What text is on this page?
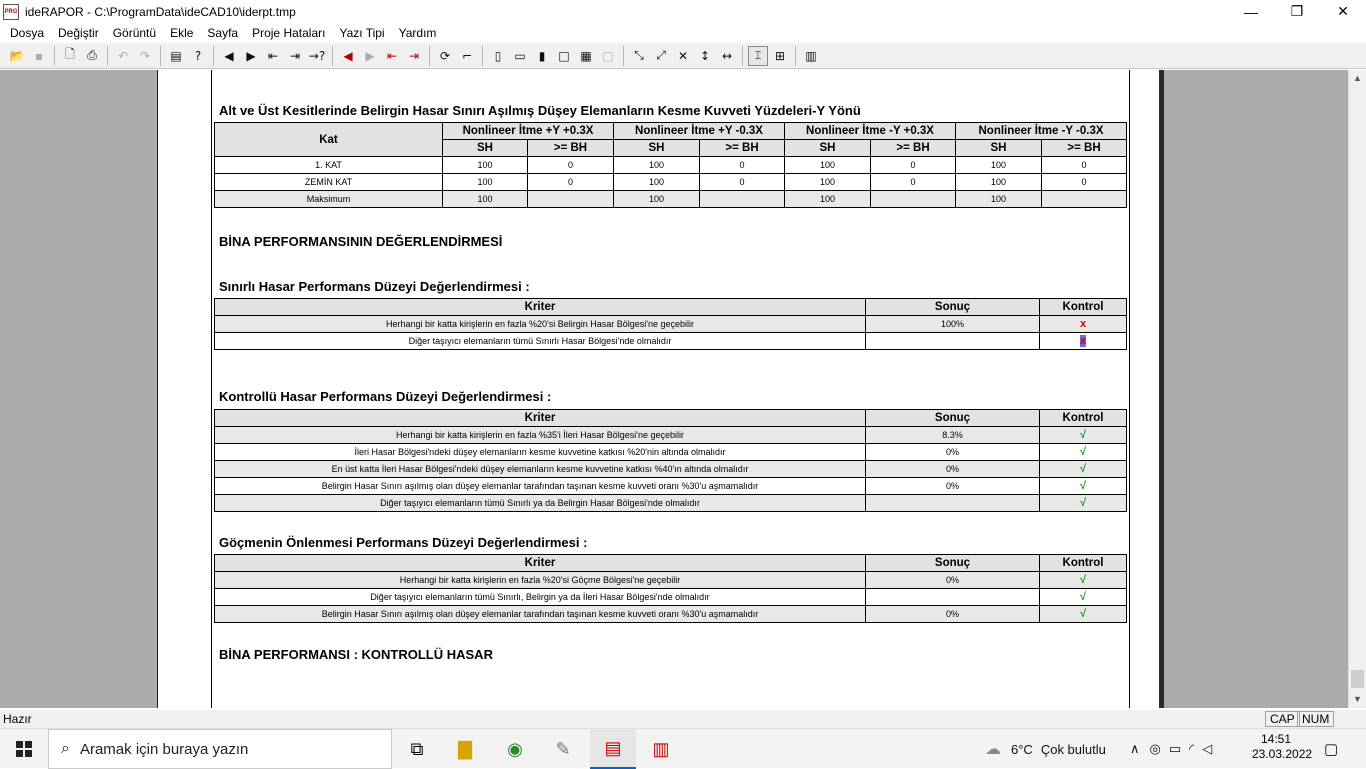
PRG ideRAPOR - C:\ProgramData\ideCAD10\iderpt.tmp	—	❐	✕
Dosya	Değiştir	Görüntü	Ekle	Sayfa	Proje Hataları	Yazı Tipi	Yardım
📂 ▪	🗋	⎙	↶ ↷	▤	?	◀	▶	⇤ ⇥ →?	◀	▶	⇤ ⇥	⟳ ⌐	▯	▭	▮	□ ▦ ▢	⤡	⤢	✕ ↕ ↔	⌶	⊞	▥
Alt ve Üst Kesitlerinde Belirgin Hasar Sınırı Aşılmış Düşey Elemanların Kesme Kuvveti Yüzdeleri-Y Yönü
Kat	Nonlineer İtme +Y +0.3X		Nonlineer İtme +Y -0.3X		Nonlineer İtme -Y +0.3X		Nonlineer İtme -Y -0.3X	
	SH	>= BH	SH	>= BH	SH	>= BH	SH	>= BH
1. KAT	100	0	100	0	100	0	100	0
ZEMİN KAT	100	0	100	0	100	0	100	0
Maksimum	100		100		100		100	
BİNA PERFORMANSININ DEĞERLENDİRMESİ
Sınırlı Hasar Performans Düzeyi Değerlendirmesi :
Kriter	Sonuç	Kontrol
Herhangi bir katta kirişlerin en fazla %20'si Belirgin Hasar Bölgesi'ne geçebilir	100%	x
Diğer taşıyıcı elemanların tümü Sınırlı Hasar Bölgesi'nde olmalıdır		x
Kontrollü Hasar Performans Düzeyi Değerlendirmesi :
Kriter	Sonuç	Kontrol
Herhangi bir katta kirişlerin en fazla %35'i İleri Hasar Bölgesi'ne geçebilir	8.3%	√
İleri Hasar Bölgesi'ndeki düşey elemanların kesme kuvvetine katkısı %20'nin altında olmalıdır	0%	√
En üst katta İleri Hasar Bölgesi'ndeki düşey elemanların kesme kuvvetine katkısı %40'ın altında olmalıdır	0%	√
Belirgin Hasar Sınırı aşılmış olan düşey elemanlar tarafından taşınan kesme kuvveti oranı %30'u aşmamalıdır	0%	√
Diğer taşıyıcı elemanların tümü Sınırlı ya da Belirgin Hasar Bölgesi'nde olmalıdır		√
Göçmenin Önlenmesi Performans Düzeyi Değerlendirmesi :
Kriter	Sonuç	Kontrol
Herhangi bir katta kirişlerin en fazla %20'si Göçme Bölgesi'ne geçebilir	0%	√
Diğer taşıyıcı elemanların tümü Sınırlı, Belirgin ya da İleri Hasar Bölgesi'nde olmalıdır		√
Belirgin Hasar Sınırı aşılmış olan düşey elemanlar tarafından taşınan kesme kuvveti oranı %30'u aşmamalıdır	0%	√
BİNA PERFORMANSI : KONTROLLÜ HASAR
▲
▼
Hazır	CAP NUM
⌕ Aramak için buraya yazın	⧉	▇	◉	✎	▤	▥	☁ 6°C Çok bulutlu ∧ ◎ ▭ ◜ ◁
14:51
23.03.2022 ▢
